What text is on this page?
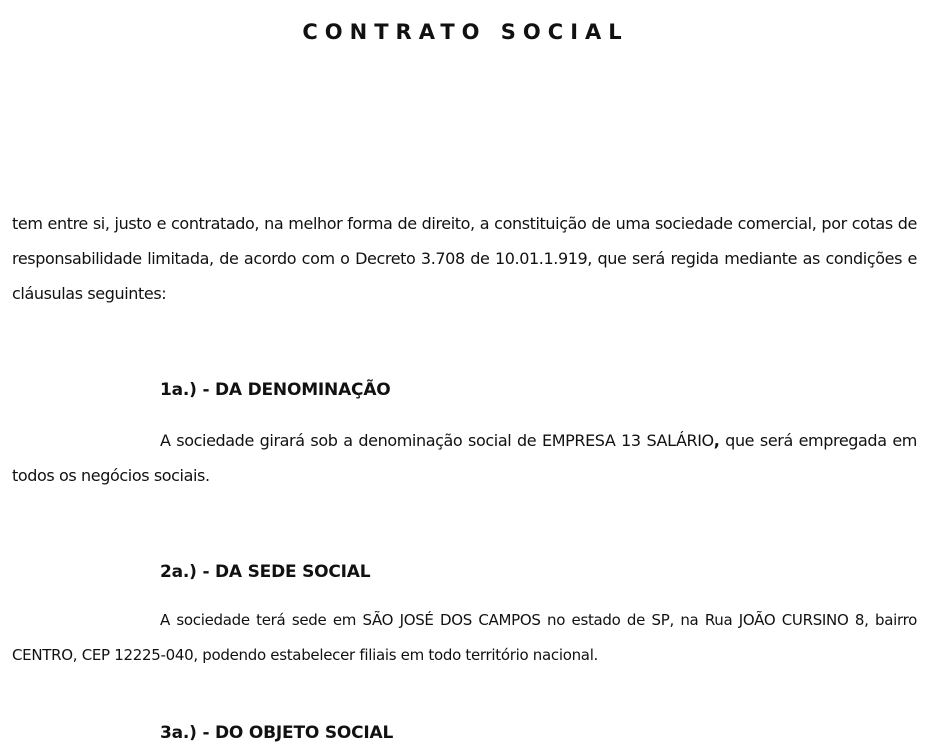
CONTRATO SOCIAL

tem entre si, justo e contratado, na melhor forma de direito, a constituição de uma sociedade comercial, por cotas de responsabilidade limitada, de acordo com o Decreto 3.708 de 10.01.1.919, que será regida mediante as condições e cláusulas seguintes:

1a.) - DA DENOMINAÇÃO

A sociedade girará sob a denominação social de EMPRESA 13 SALÁRIO, que será empregada em todos os negócios sociais.

2a.) - DA SEDE SOCIAL

A sociedade terá sede em SÃO JOSÉ DOS CAMPOS no estado de SP, na Rua JOÃO CURSINO 8, bairro CENTRO, CEP 12225-040, podendo estabelecer filiais em todo território nacional.

3a.) - DO OBJETO SOCIAL
